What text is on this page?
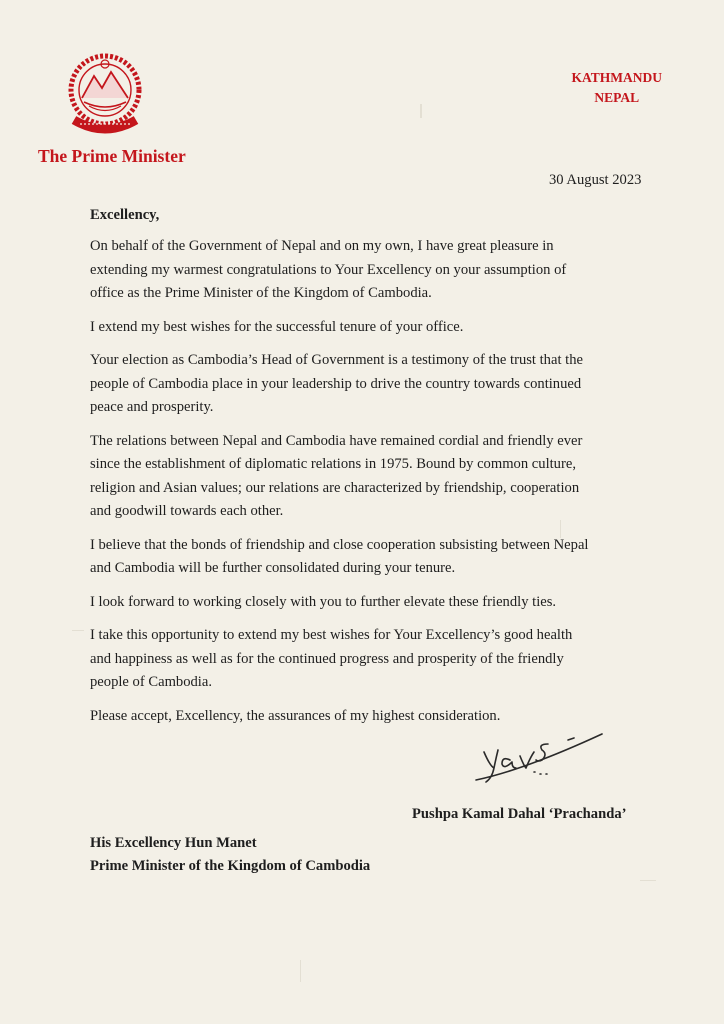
The Prime Minister
KATHMANDU
NEPAL
30 August 2023
Excellency,
On behalf of the Government of Nepal and on my own, I have great pleasure in
extending my warmest congratulations to Your Excellency on your assumption of
office as the Prime Minister of the Kingdom of Cambodia.
I extend my best wishes for the successful tenure of your office.
Your election as Cambodia’s Head of Government is a testimony of the trust that the
people of Cambodia place in your leadership to drive the country towards continued
peace and prosperity.
The relations between Nepal and Cambodia have remained cordial and friendly ever
since the establishment of diplomatic relations in 1975. Bound by common culture,
religion and Asian values; our relations are characterized by friendship, cooperation
and goodwill towards each other.
I believe that the bonds of friendship and close cooperation subsisting between Nepal
and Cambodia will be further consolidated during your tenure.
I look forward to working closely with you to further elevate these friendly ties.
I take this opportunity to extend my best wishes for Your Excellency’s good health
and happiness as well as for the continued progress and prosperity of the friendly
people of Cambodia.
Please accept, Excellency, the assurances of my highest consideration.
Pushpa Kamal Dahal ‘Prachanda’
His Excellency Hun Manet
Prime Minister of the Kingdom of Cambodia
